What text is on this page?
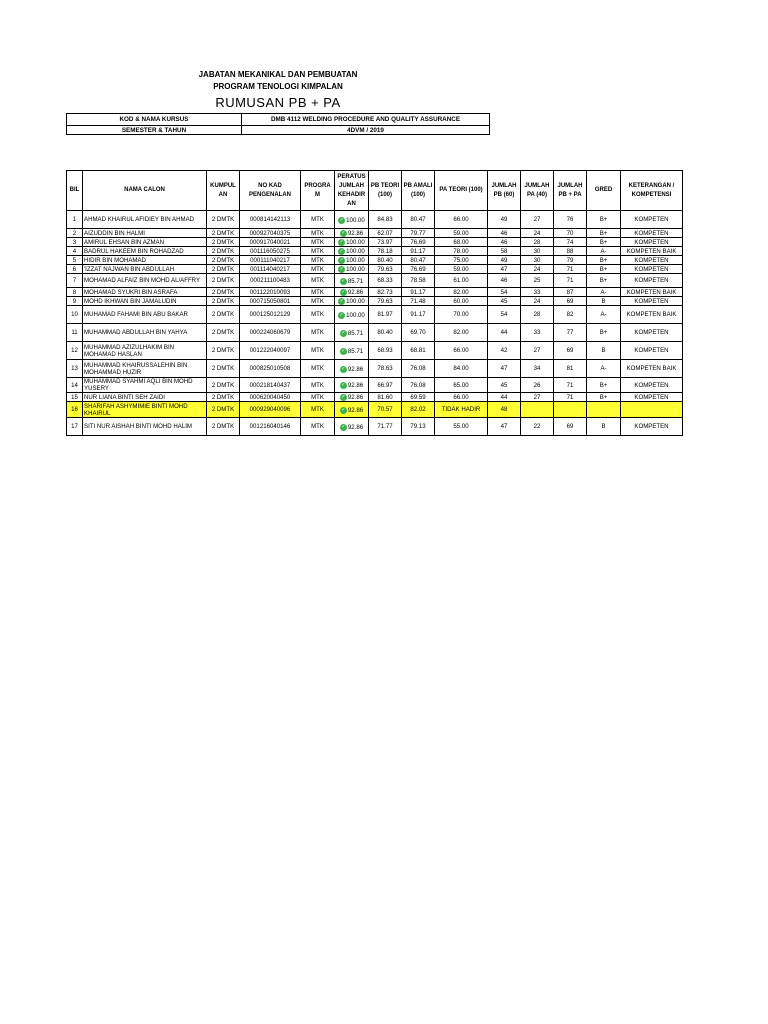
JABATAN MEKANIKAL DAN PEMBUATAN
PROGRAM TENOLOGI KIMPALAN
RUMUSAN PB + PA
KOD & NAMA KURSUS	DMB 4112 WELDING PROCEDURE AND QUALITY ASSURANCE
SEMESTER & TAHUN	4DVM / 2019
BIL	NAMA CALON	KUMPUL AN	NO KAD PENGENALAN	PROGRA M	PERATUS JUMLAH KEHADIR AN	PB TEORI (100)	PB AMALI (100)	PA TEORI (100)	JUMLAH PB (60)	JUMLAH PA (40)	JUMLAH PB + PA	GRED	KETERANGAN / KOMPETENSI
1	AHMAD KHAIRUL AFIDIEY BIN AHMAD	2 DMTK	000814142113	MTK	✓ 100.00	84.83	80.47	66.00	49	27	76	B+	KOMPETEN
2	AIZUDDIN BIN HALMI	2 DMTK	000927040375	MTK	✓ 92.86	62.07	79.77	59.00	46	24	70	B+	KOMPETEN
3	AMIRUL EHSAN BIN AZMAN	2 DMTK	000917040021	MTK	✓ 100.00	73.97	76.69	68.00	46	28	74	B+	KOMPETEN
4	BADRUL HAKEEM BIN ROHADZAD	2 DMTK	001116050275	MTK	✓ 100.00	78.18	91.17	78.00	58	30	88	A-	KOMPETEN BAIK
5	HIDIR BIN MOHAMAD	2 DMTK	000111040217	MTK	✓ 100.00	80.40	80.47	75.00	49	30	79	B+	KOMPETEN
6	'IZZAT NAJWAN BIN ABDULLAH	2 DMTK	001114040217	MTK	✓ 100.00	79.63	76.69	59.00	47	24	71	B+	KOMPETEN
7	MOHAMAD ALFAIZ BIN MOHD AL/AFFRY	2 DMTK	000211100483	MTK	✓ 85.71	68.33	78.58	61.00	46	25	71	B+	KOMPETEN
8	MOHAMAD SYUKRI BIN ASRAFA	2 DMTK	001122010093	MTK	✓ 92.86	82.73	91.17	82.00	54	33	87	A-	KOMPETEN BAIK
9	MOHD IKHWAN BIN JAMALUDIN	2 DMTK	000715050801	MTK	✓ 100.00	79.63	71.48	60.00	45	24	69	B	KOMPETEN
10	MUHAMAD FAHAMI BIN ABU BAKAR	2 DMTK	000125012129	MTK	✓ 100.00	81.97	91.17	70.00	54	28	82	A-	KOMPETEN BAIK
11	MUHAMMAD ABDULLAH BIN YAHYA	2 DMTK	000224060679	MTK	✓ 85.71	80.40	69.70	82.00	44	33	77	B+	KOMPETEN
12	MUHAMMAD AZIZULHAKIM BIN MOHAMAD HASLAN	2 DMTK	001222040097	MTK	✓ 85.71	68.93	68.81	66.00	42	27	69	B	KOMPETEN
13	MUHAMMAD KHAIRUSSALEHIN BIN MOHAMMAD HUZIR	2 DMTK	000825010508	MTK	✓ 92.86	78.63	76.08	84.00	47	34	81	A-	KOMPETEN BAIK
14	MUHAMMAD SYAHMI AQLI BIN MOHD YUSERY	2 DMTK	000218140437	MTK	✓ 92.86	66.97	76.08	65.00	45	26	71	B+	KOMPETEN
15	NUR LIANA BINTI SEH ZAIDI	2 DMTK	000620040450	MTK	✓ 92.86	81.60	69.59	66.00	44	27	71	B+	KOMPETEN
16	SHARIFAH ASHYMIMIE BINTI MOHD KHAIRUL	2 DMTK	000929040096	MTK	✓ 92.86	70.57	82.02	TIDAK HADIR	48				
17	SITI NUR AISHAH BINTI MOHD HALIM	2 DMTK	001216040146	MTK	✓ 92.86	71.77	79.13	55.00	47	22	69	B	KOMPETEN
